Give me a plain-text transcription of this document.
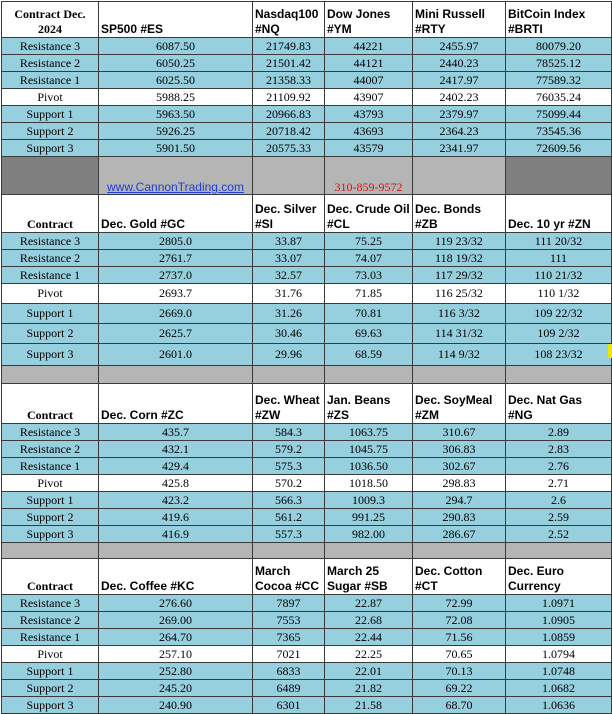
Contract Dec. 2024	SP500 #ES	Nasdaq100 #NQ	Dow Jones #YM	Mini Russell #RTY	BitCoin Index #BRTI
Resistance 3	6087.50	21749.83	44221	2455.97	80079.20
Resistance 2	6050.25	21501.42	44121	2440.23	78525.12
Resistance 1	6025.50	21358.33	44007	2417.97	77589.32
Pivot	5988.25	21109.92	43907	2402.23	76035.24
Support 1	5963.50	20966.83	43793	2379.97	75099.44
Support 2	5926.25	20718.42	43693	2364.23	73545.36
Support 3	5901.50	20575.33	43579	2341.97	72609.56
	www.CannonTrading.com		310-859-9572		
Contract	Dec. Gold #GC	Dec. Silver #SI	Dec. Crude Oil #CL	Dec. Bonds #ZB	Dec. 10 yr #ZN
Resistance 3	2805.0	33.87	75.25	119 23/32	111 20/32
Resistance 2	2761.7	33.07	74.07	118 19/32	111
Resistance 1	2737.0	32.57	73.03	117 29/32	110 21/32
Pivot	2693.7	31.76	71.85	116 25/32	110 1/32
Support 1	2669.0	31.26	70.81	116 3/32	109 22/32
Support 2	2625.7	30.46	69.63	114 31/32	109 2/32
Support 3	2601.0	29.96	68.59	114 9/32	108 23/32

Contract	Dec. Corn #ZC	Dec. Wheat #ZW	Jan. Beans #ZS	Dec. SoyMeal #ZM	Dec. Nat Gas #NG
Resistance 3	435.7	584.3	1063.75	310.67	2.89
Resistance 2	432.1	579.2	1045.75	306.83	2.83
Resistance 1	429.4	575.3	1036.50	302.67	2.76
Pivot	425.8	570.2	1018.50	298.83	2.71
Support 1	423.2	566.3	1009.3	294.7	2.6
Support 2	419.6	561.2	991.25	290.83	2.59
Support 3	416.9	557.3	982.00	286.67	2.52

Contract	Dec. Coffee #KC	March Cocoa #CC	March 25 Sugar #SB	Dec. Cotton #CT	Dec. Euro Currency
Resistance 3	276.60	7897	22.87	72.99	1.0971
Resistance 2	269.00	7553	22.68	72.08	1.0905
Resistance 1	264.70	7365	22.44	71.56	1.0859
Pivot	257.10	7021	22.25	70.65	1.0794
Support 1	252.80	6833	22.01	70.13	1.0748
Support 2	245.20	6489	21.82	69.22	1.0682
Support 3	240.90	6301	21.58	68.70	1.0636
